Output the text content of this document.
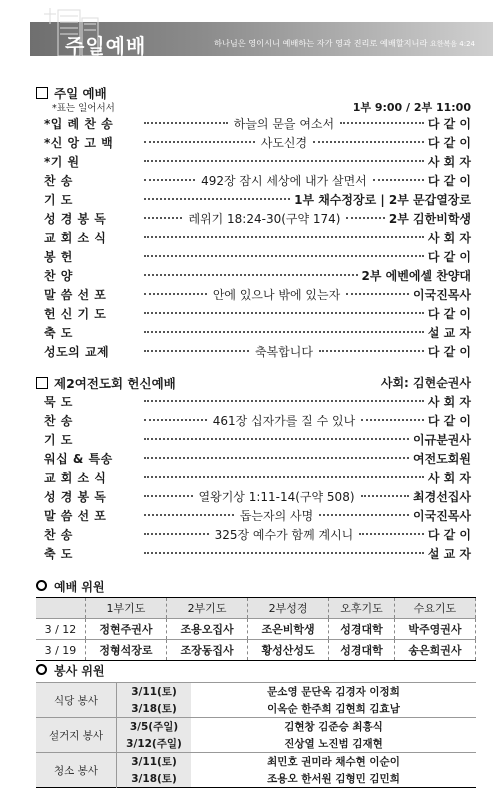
주일예배	하나님은 영이시니 예배하는 자가 영과 진리로 예배할지니라 요한복음 4:24
주일 예배
*표는 일어서서	1부 9:00 / 2부 11:00
*입 례 찬 송	하늘의 문을 여소서	다 같 이
*신 앙 고 백	사도신경	다 같 이
*기 원	사 회 자
찬 송	492장 잠시 세상에 내가 살면서	다 같 이
기 도	1부 채수정장로 | 2부 문갑열장로
성 경 봉 독	레위기 18:24-30(구약 174)	2부 김한비학생
교 회 소 식	사 회 자
봉 헌	다 같 이
찬 양	2부 에벤에셀 찬양대
말 씀 선 포	안에 있으나 밖에 있는자	이국진목사
헌 신 기 도	다 같 이
축 도	설 교 자
성도의 교제	축복합니다	다 같 이
제2여전도회 헌신예배	사회: 김현순권사
묵 도	사 회 자
찬 송	461장 십자가를 질 수 있나	다 같 이
기 도	이규분권사
워십 & 특송	여전도회원
교 회 소 식	사 회 자
성 경 봉 독	열왕기상 1:11-14(구약 508)	최경선집사
말 씀 선 포	돕는자의 사명	이국진목사
찬 송	325장 예수가 함께 계시니	다 같 이
축 도	설 교 자
예배 위원
	1부기도	2부기도	2부성경	오후기도	수요기도
3 / 12	정현주권사	조용오집사	조은비학생	성경대학	박주영권사
3 / 19	정형석장로	조장동집사	황성산성도	성경대학	송은희권사
봉사 위원
식당 봉사	3/11(토)	문소영 문단옥 김경자 이정희
	3/18(토)	이옥순 한주희 김현희 김효남
설거지 봉사	3/5(주일)	김현창 김준승 최흥식
	3/12(주일)	진상열 노진범 김재현
청소 봉사	3/11(토)	최민호 권미라 채수현 이순이
	3/18(토)	조용오 한서원 김형민 김민희
